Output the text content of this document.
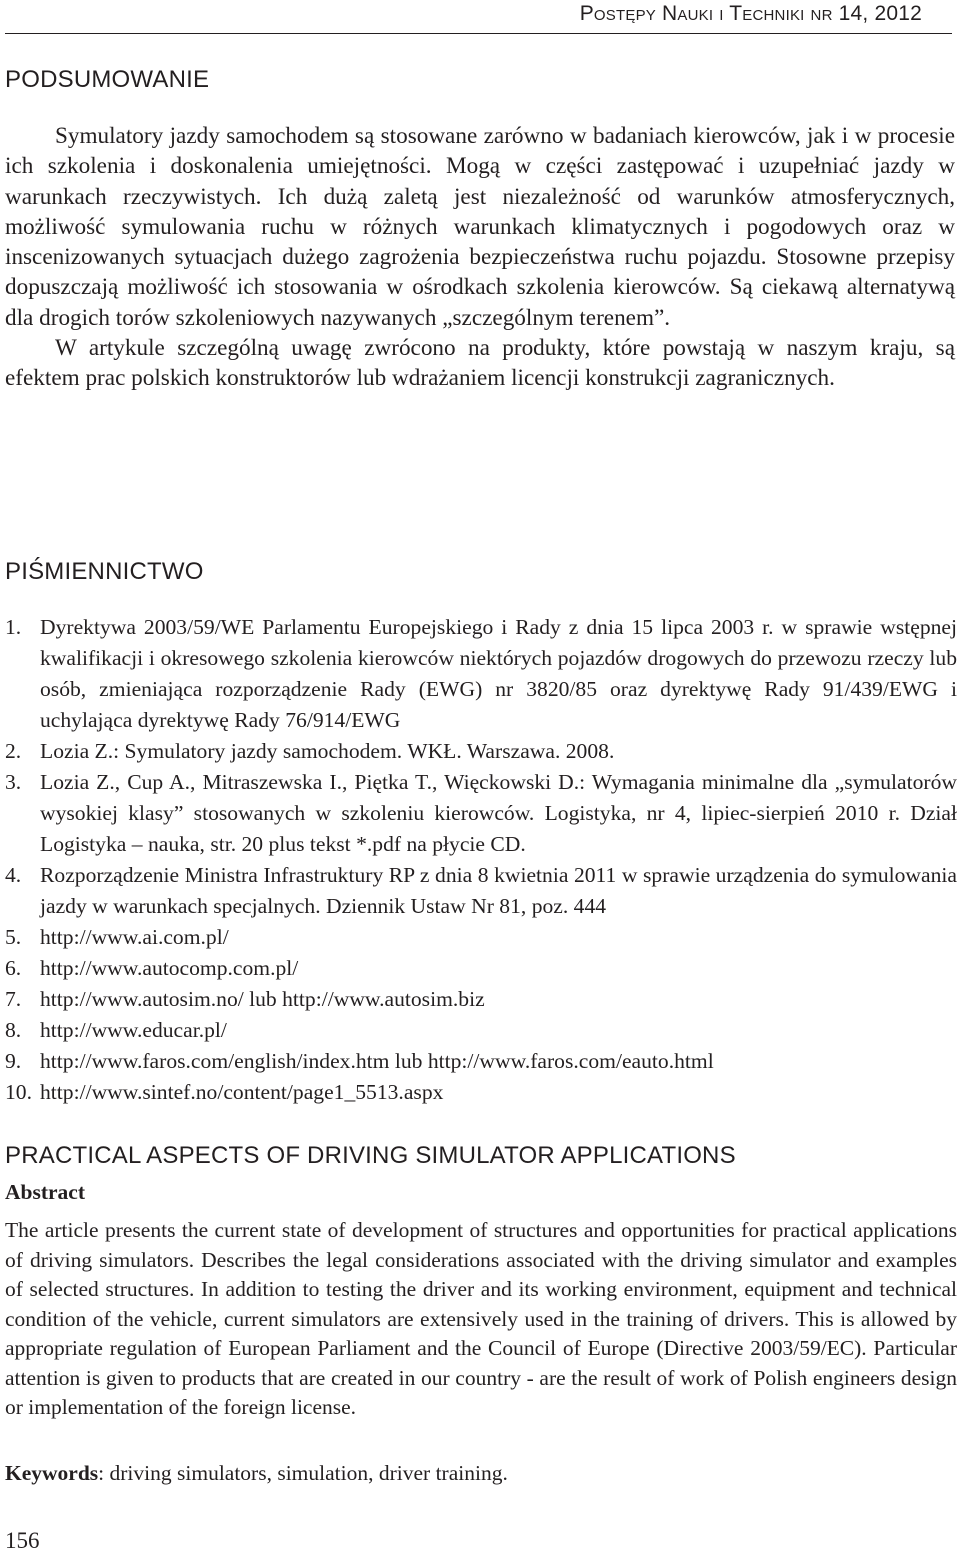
Postępy Nauki i Techniki nr 14, 2012
PODSUMOWANIE

Symulatory jazdy samochodem są stosowane zarówno w badaniach kierowców, jak i w procesie ich szkolenia i doskonalenia umiejętności. Mogą w części zastępować i uzupełniać jazdy w warunkach rzeczywistych. Ich dużą zaletą jest niezależność od warunków atmosferycznych, możliwość symulowania ruchu w różnych warunkach klimatycznych i pogodowych oraz w inscenizowanych sytuacjach dużego zagrożenia bezpieczeństwa ruchu pojazdu. Stosowne przepisy dopuszczają możliwość ich stosowania w ośrodkach szkolenia kierowców. Są ciekawą alternatywą dla drogich torów szkoleniowych nazywanych „szczególnym terenem”.

W artykule szczególną uwagę zwrócono na produkty, które powstają w naszym kraju, są efektem prac polskich konstruktorów lub wdrażaniem licencji konstrukcji zagranicznych.

PIŚMIENNICTWO
1. Dyrektywa 2003/59/WE Parlamentu Europejskiego i Rady z dnia 15 lipca 2003 r. w sprawie wstępnej kwalifikacji i okresowego szkolenia kierowców niektórych pojazdów drogowych do przewozu rzeczy lub osób, zmieniająca rozporządzenie Rady (EWG) nr 3820/85 oraz dyrektywę Rady 91/439/EWG i uchylająca dyrektywę Rady 76/914/EWG
2. Lozia Z.: Symulatory jazdy samochodem. WKŁ. Warszawa. 2008.
3. Lozia Z., Cup A., Mitraszewska I., Piętka T., Więckowski D.: Wymagania minimalne dla „symulatorów wysokiej klasy” stosowanych w szkoleniu kierowców. Logistyka, nr 4, lipiec-sierpień 2010 r. Dział Logistyka – nauka, str. 20 plus tekst *.pdf na płycie CD.
4. Rozporządzenie Ministra Infrastruktury RP z dnia 8 kwietnia 2011 w sprawie urządzenia do symulowania jazdy w warunkach specjalnych. Dziennik Ustaw Nr 81, poz. 444
5. http://www.ai.com.pl/
6. http://www.autocomp.com.pl/
7. http://www.autosim.no/ lub http://www.autosim.biz
8. http://www.educar.pl/
9. http://www.faros.com/english/index.htm lub http://www.faros.com/eauto.html
10. http://www.sintef.no/content/page1_5513.aspx
PRACTICAL ASPECTS OF DRIVING SIMULATOR APPLICATIONS
Abstract

The article presents the current state of development of structures and opportunities for practical applications of driving simulators. Describes the legal considerations associated with the driving simulator and examples of selected structures. In addition to testing the driver and its working environment, equipment and technical condition of the vehicle, current simulators are extensively used in the training of drivers. This is allowed by appropriate regulation of European Parliament and the Council of Europe (Directive 2003/59/EC). Particular attention is given to products that are created in our country - are the result of work of Polish engineers design or implementation of the foreign license.

Keywords: driving simulators, simulation, driver training.

156
